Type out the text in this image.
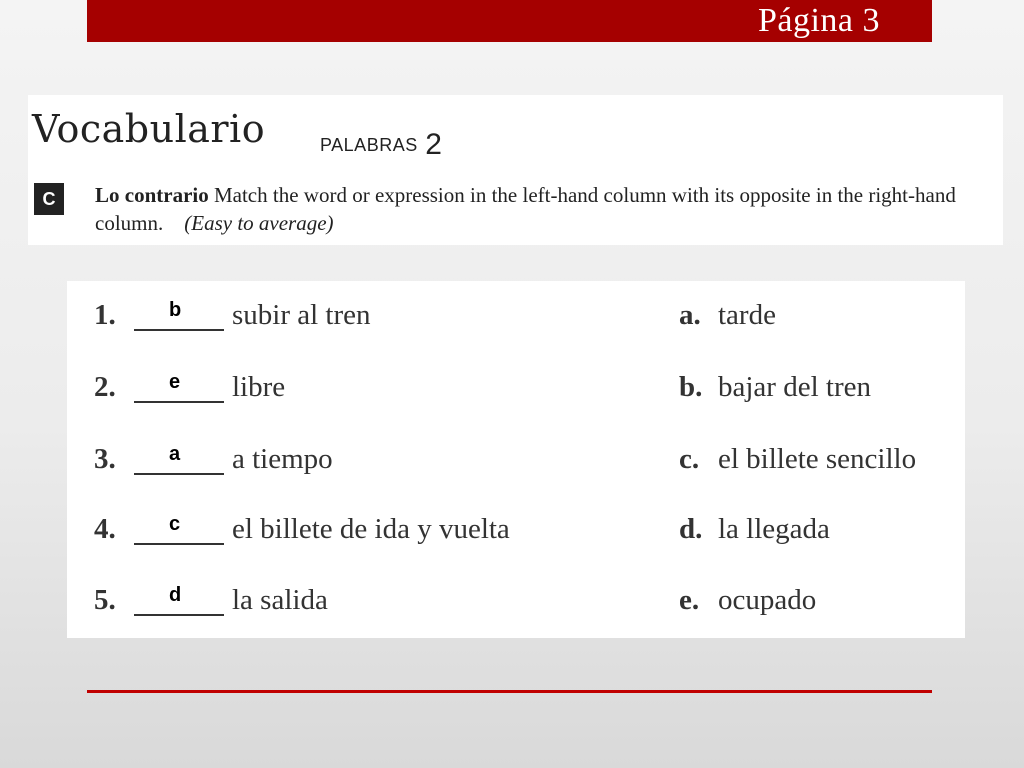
Página 3
Vocabulario	PALABRAS 2
C	Lo contrario Match the word or expression in the left-hand column with its opposite in the right-hand column. (Easy to average)
1.	b subir al tren	a. tarde
2.	e libre	b. bajar del tren
3.	a a tiempo	c. el billete sencillo
4.	c el billete de ida y vuelta	d. la llegada
5.	d la salida	e. ocupado
